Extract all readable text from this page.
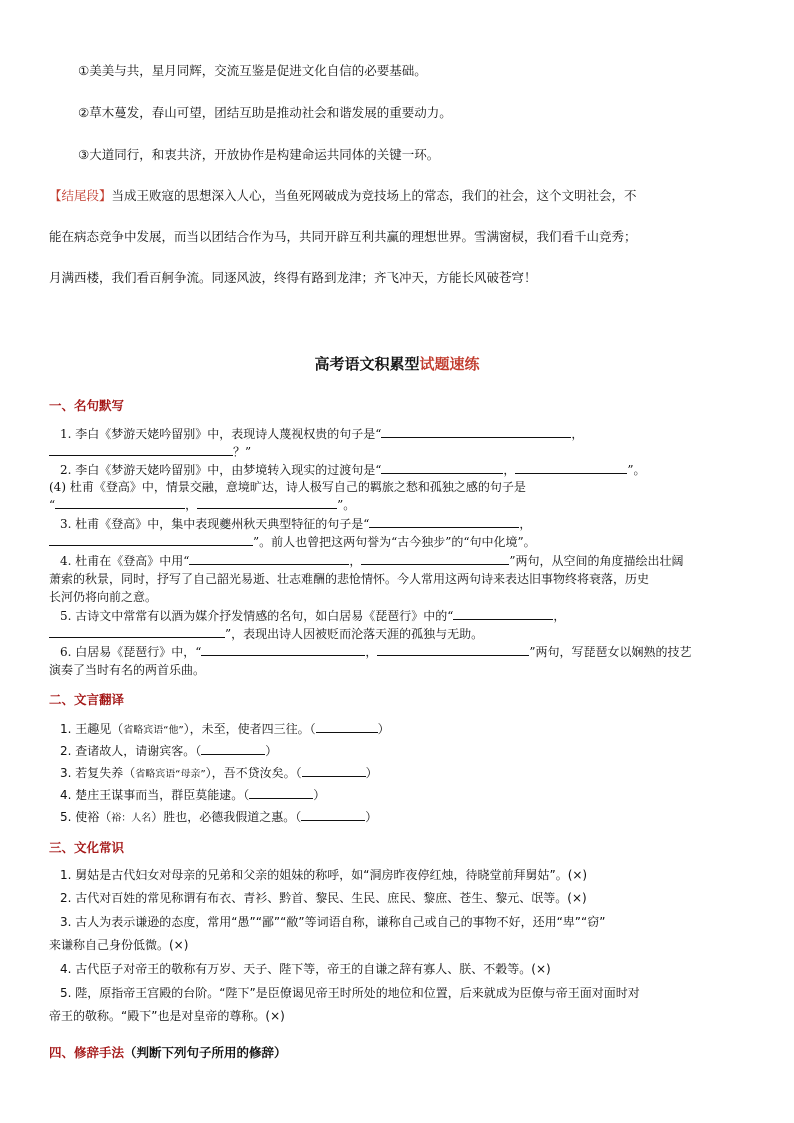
①美美与共，星月同辉，交流互鉴是促进文化自信的必要基础。
②草木蔓发，春山可望，团结互助是推动社会和谐发展的重要动力。
③大道同行，和衷共济，开放协作是构建命运共同体的关键一环。
【结尾段】当成王败寇的思想深入人心，当鱼死网破成为竞技场上的常态，我们的社会，这个文明社会，不
能在病态竞争中发展，而当以团结合作为马，共同开辟互利共赢的理想世界。雪满窗棂，我们看千山竞秀；
月满西楼，我们看百舸争流。同逐风波，终得有路到龙津；齐飞冲天，方能长风破苍穹！
高考语文积累型试题速练
一、名句默写
1. 李白《梦游天姥吟留别》中，表现诗人蔑视权贵的句子是“	，
？”
2. 李白《梦游天姥吟留别》中，由梦境转入现实的过渡句是“	，	”。
(4) 杜甫《登高》中，情景交融，意境旷达，诗人极写自己的羁旅之愁和孤独之感的句子是
“	，	”。
3. 杜甫《登高》中，集中表现夔州秋天典型特征的句子是“	，
”。前人也曾把这两句誉为“古今独步”的“句中化境”。
4. 杜甫在《登高》中用“	，	”两句，从空间的角度描绘出壮阔
萧索的秋景，同时，抒写了自己韶光易逝、壮志难酬的悲怆情怀。今人常用这两句诗来表达旧事物终将衰落，历史
长河仍将向前之意。
5. 古诗文中常常有以酒为媒介抒发情感的名句，如白居易《琵琶行》中的“	，
”，表现出诗人因被贬而沦落天涯的孤独与无助。
6. 白居易《琵琶行》中，“	，	”两句，写琵琶女以娴熟的技艺
演奏了当时有名的两首乐曲。
二、文言翻译
1. 王趣见（省略宾语“他”），未至，使者四三往。（	）
2. 查诸故人，请谢宾客。（	）
3. 若复失养（省略宾语“母亲”），吾不贷汝矣。（	）
4. 楚庄王谋事而当，群臣莫能逮。（	）
5. 使裕（裕：人名）胜也，必德我假道之惠。（	）
三、文化常识
1. 舅姑是古代妇女对母亲的兄弟和父亲的姐妹的称呼，如“洞房昨夜停红烛，待晓堂前拜舅姑”。(×)
2. 古代对百姓的常见称谓有布衣、青衫、黔首、黎民、生民、庶民、黎庶、苍生、黎元、氓等。(×)
3. 古人为表示谦逊的态度，常用“愚”“鄙”“敝”等词语自称，谦称自己或自己的事物不好，还用“卑”“窃”
来谦称自己身份低微。(×)
4. 古代臣子对帝王的敬称有万岁、天子、陛下等，帝王的自谦之辞有寡人、朕、不穀等。(×)
5. 陛，原指帝王宫殿的台阶。“陛下”是臣僚谒见帝王时所处的地位和位置，后来就成为臣僚与帝王面对面时对
帝王的敬称。“殿下”也是对皇帝的尊称。(×)
四、修辞手法（判断下列句子所用的修辞）
